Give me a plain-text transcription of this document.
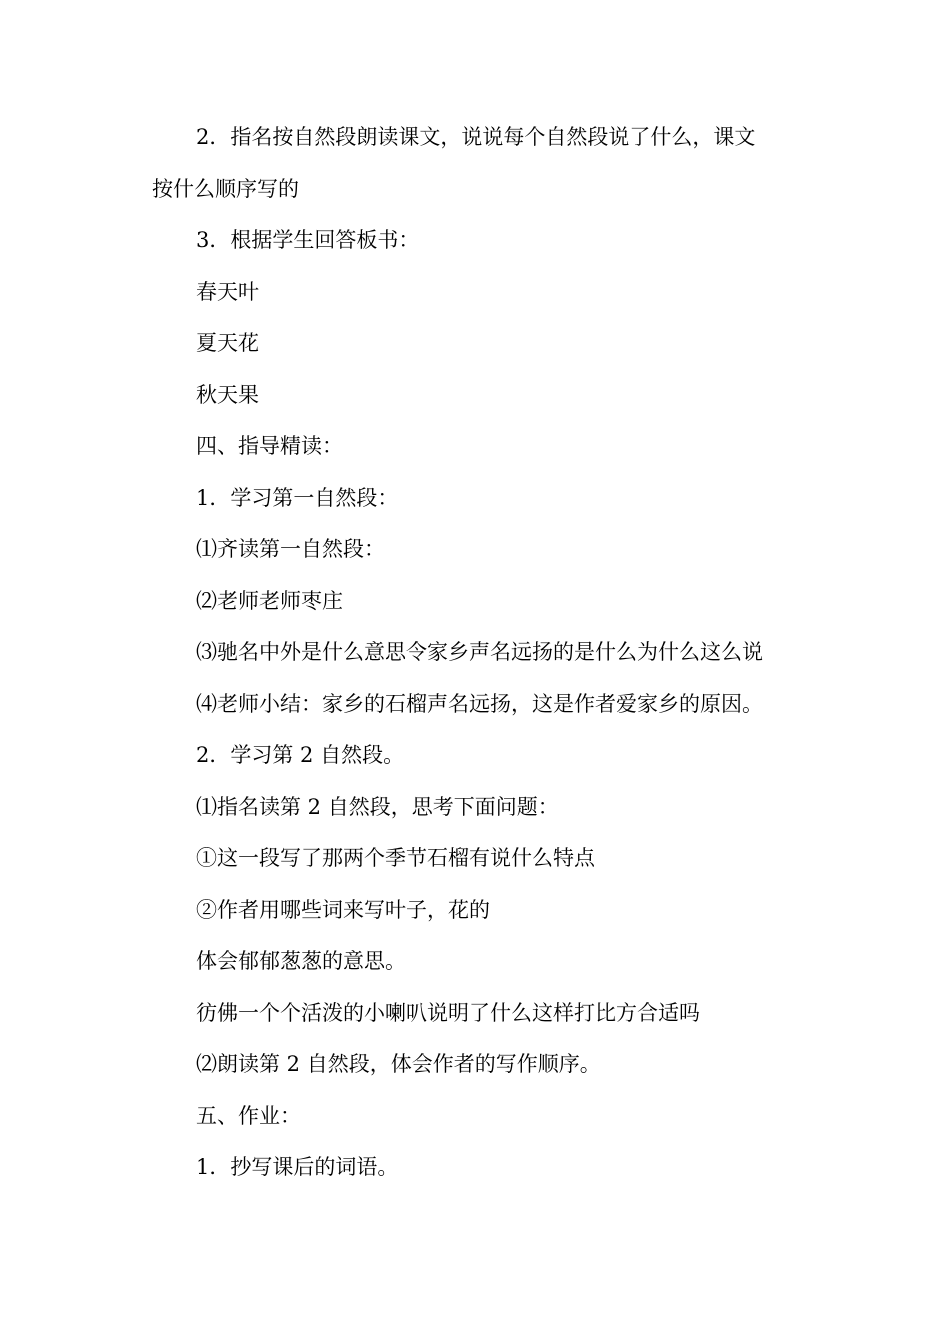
2．指名按自然段朗读课文，说说每个自然段说了什么，课文

按什么顺序写的

3．根据学生回答板书：

春天叶

夏天花

秋天果

四、指导精读：

1．学习第一自然段：

⑴齐读第一自然段：

⑵老师老师枣庄

⑶驰名中外是什么意思令家乡声名远扬的是什么为什么这么说

⑷老师小结：家乡的石榴声名远扬，这是作者爱家乡的原因。

2．学习第 2 自然段。

⑴指名读第 2 自然段，思考下面问题：

①这一段写了那两个季节石榴有说什么特点

②作者用哪些词来写叶子，花的

体会郁郁葱葱的意思。

彷佛一个个活泼的小喇叭说明了什么这样打比方合适吗

⑵朗读第 2 自然段，体会作者的写作顺序。

五、作业：

1．抄写课后的词语。
